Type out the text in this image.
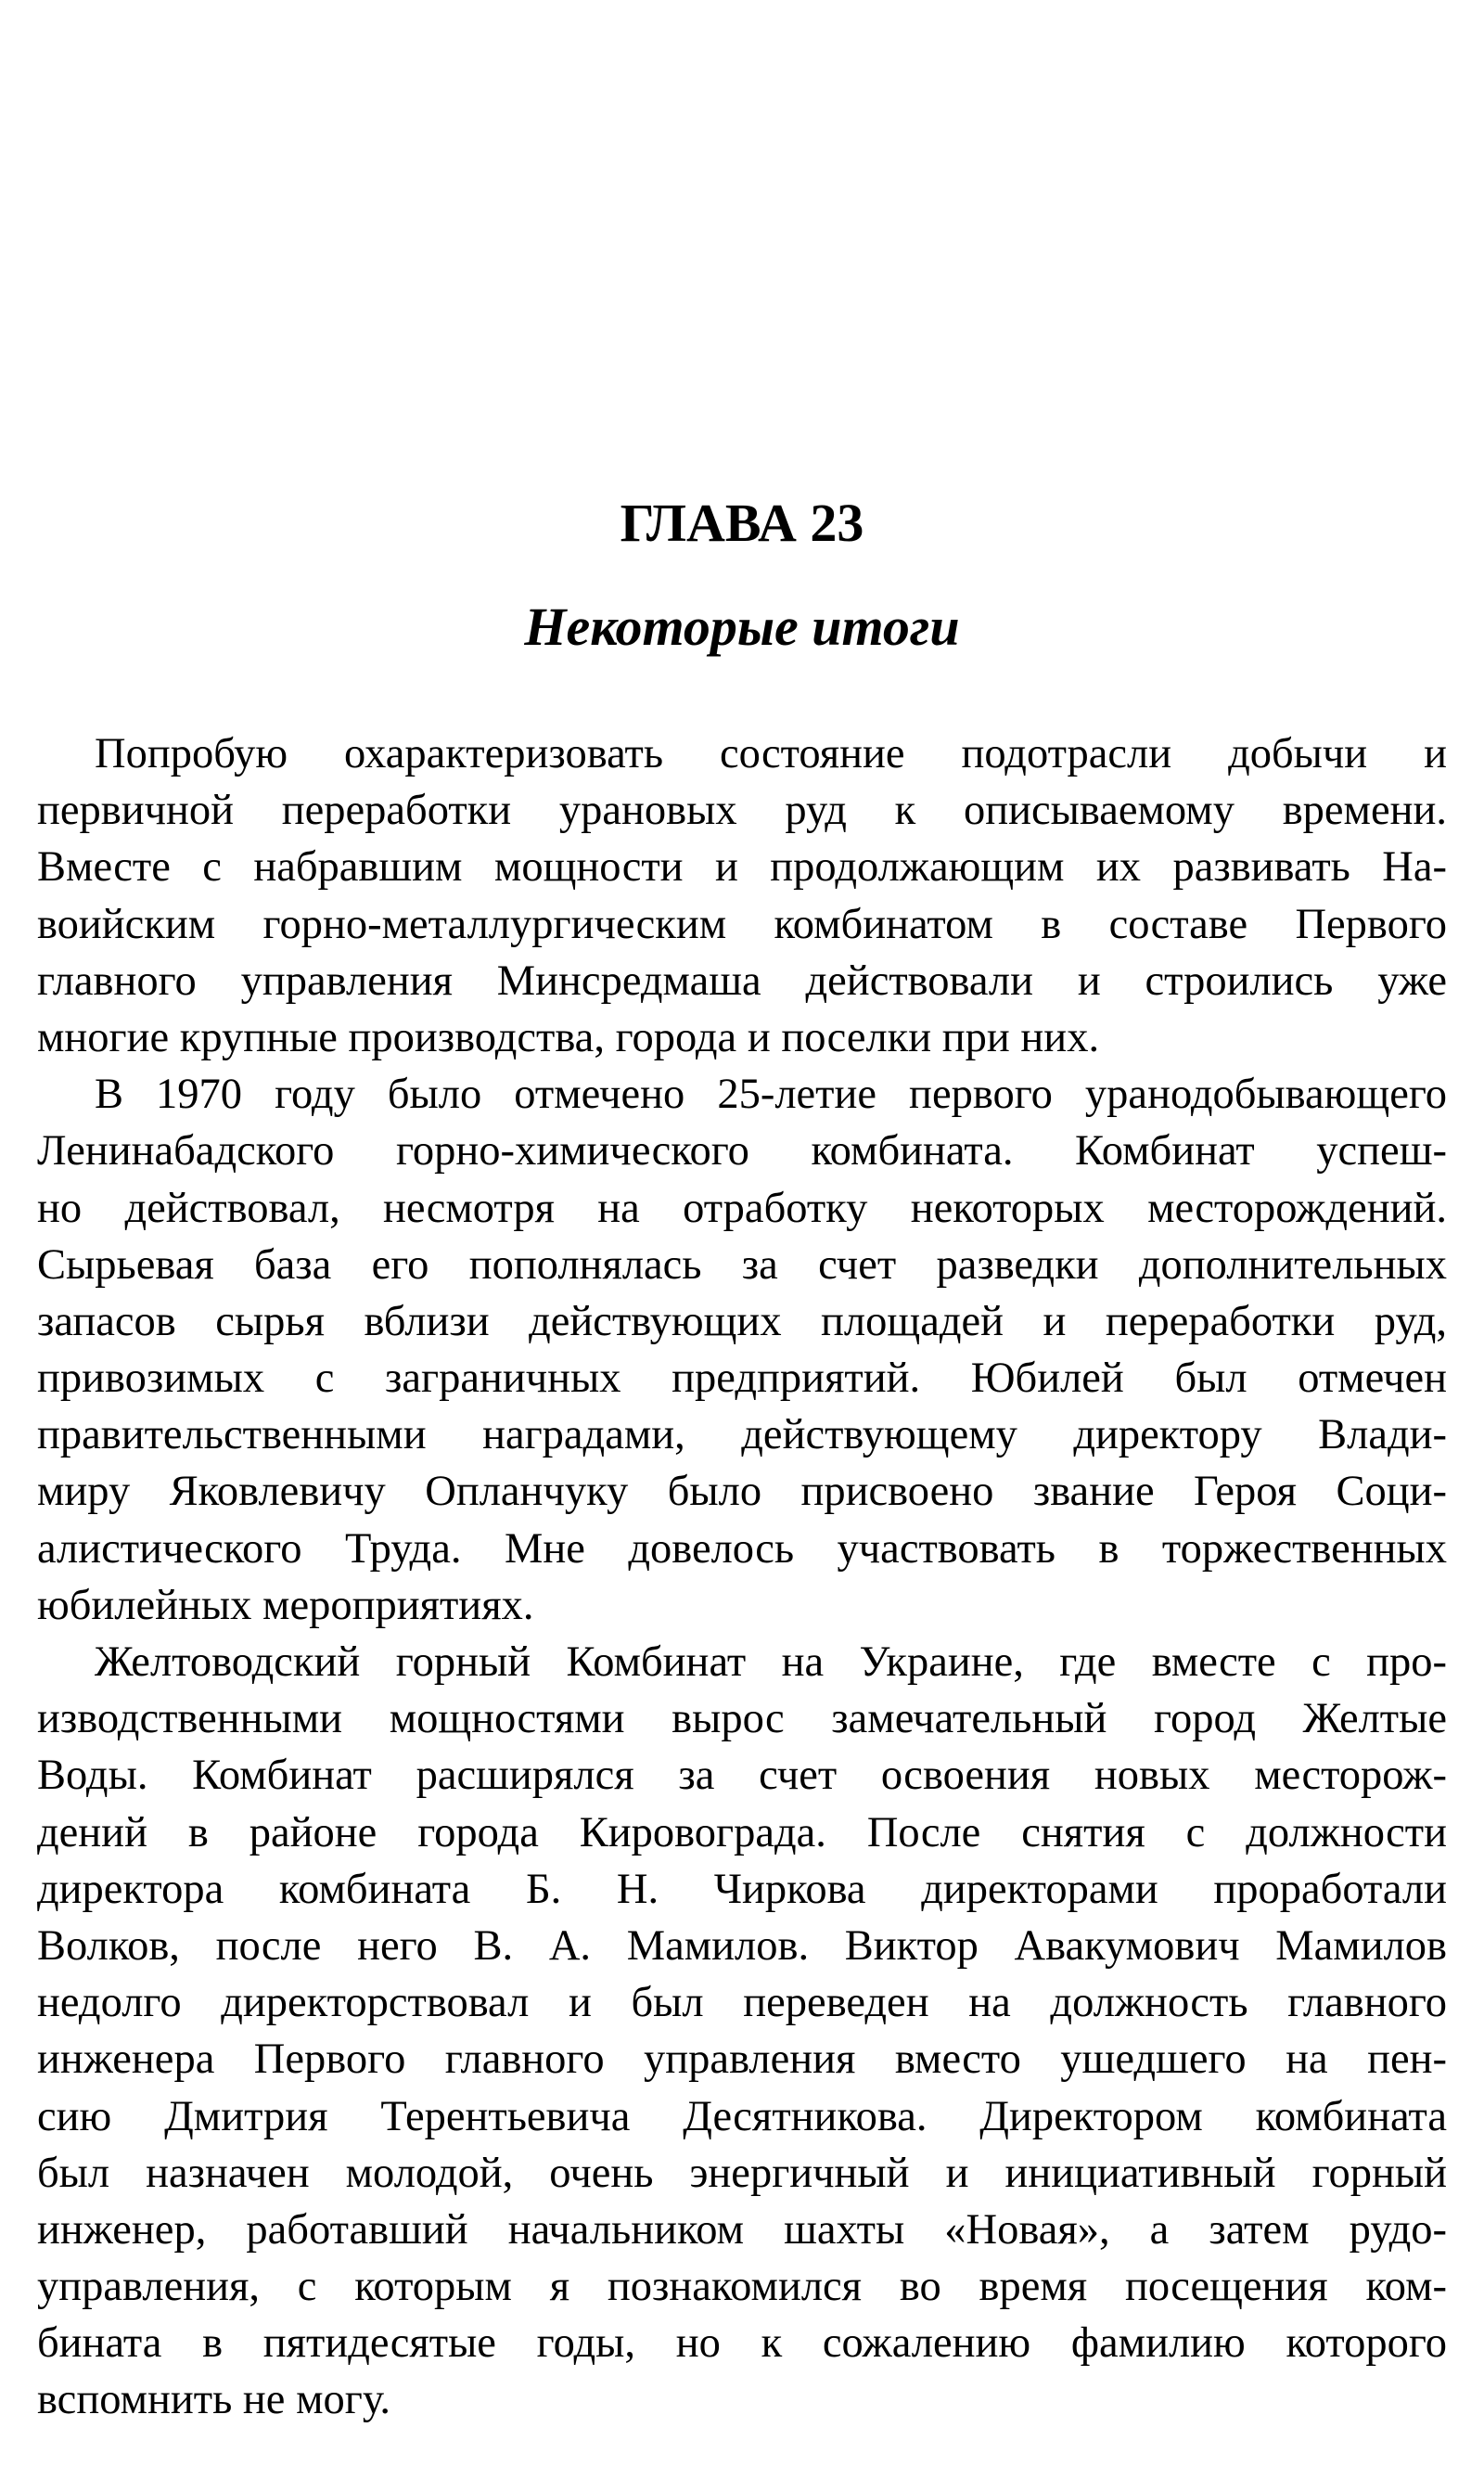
ГЛАВА 23
Некоторые итоги
Попробую охарактеризовать состояние подотрасли добычи и
первичной переработки урановых руд к описываемому времени.
Вместе с набравшим мощности и продолжающим их развивать На-
воийским горно-металлургическим комбинатом в составе Первого
главного управления Минсредмаша действовали и строились уже
многие крупные производства, города и поселки при них.
В 1970 году было отмечено 25-летие первого уранодобывающего
Ленинабадского горно-химического комбината. Комбинат успеш-
но действовал, несмотря на отработку некоторых месторождений.
Сырьевая база его пополнялась за счет разведки дополнительных
запасов сырья вблизи действующих площадей и переработки руд,
привозимых с заграничных предприятий. Юбилей был отмечен
правительственными наградами, действующему директору Влади-
миру Яковлевичу Опланчуку было присвоено звание Героя Соци-
алистического Труда. Мне довелось участвовать в торжественных
юбилейных мероприятиях.
Желтоводский горный Комбинат на Украине, где вместе с про-
изводственными мощностями вырос замечательный город Желтые
Воды. Комбинат расширялся за счет освоения новых месторож-
дений в районе города Кировограда. После снятия с должности
директора комбината Б. Н. Чиркова директорами проработали
Волков, после него В. А. Мамилов. Виктор Авакумович Мамилов
недолго директорствовал и был переведен на должность главного
инженера Первого главного управления вместо ушедшего на пен-
сию Дмитрия Терентьевича Десятникова. Директором комбината
был назначен молодой, очень энергичный и инициативный горный
инженер, работавший начальником шахты «Новая», а затем рудо-
управления, с которым я познакомился во время посещения ком-
бината в пятидесятые годы, но к сожалению фамилию которого
вспомнить не могу.
